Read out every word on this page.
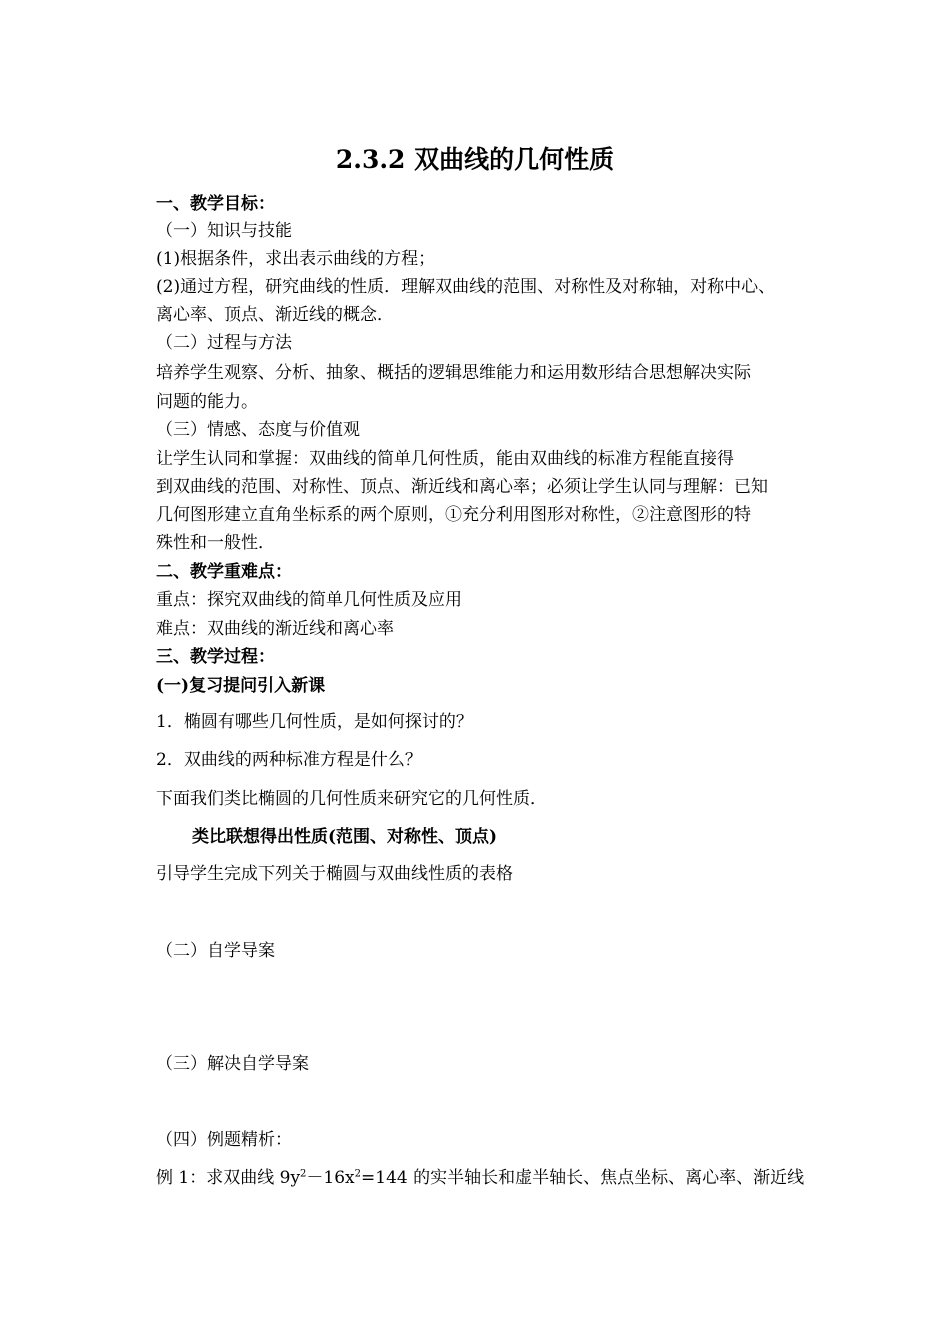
2.3.2 双曲线的几何性质
一、教学目标：
（一）知识与技能
(1)根据条件，求出表示曲线的方程；
(2)通过方程，研究曲线的性质．理解双曲线的范围、对称性及对称轴，对称中心、
离心率、顶点、渐近线的概念．
（二）过程与方法
培养学生观察、分析、抽象、概括的逻辑思维能力和运用数形结合思想解决实际
问题的能力。
（三）情感、态度与价值观
让学生认同和掌握：双曲线的简单几何性质，能由双曲线的标准方程能直接得
到双曲线的范围、对称性、顶点、渐近线和离心率；必须让学生认同与理解：已知
几何图形建立直角坐标系的两个原则，①充分利用图形对称性，②注意图形的特
殊性和一般性．
二、教学重难点：
重点：探究双曲线的简单几何性质及应用
难点：双曲线的渐近线和离心率
三、教学过程：
(一)复习提问引入新课
1．椭圆有哪些几何性质，是如何探讨的？
2．双曲线的两种标准方程是什么？
下面我们类比椭圆的几何性质来研究它的几何性质．
类比联想得出性质(范围、对称性、顶点)
引导学生完成下列关于椭圆与双曲线性质的表格
（二）自学导案
（三）解决自学导案
（四）例题精析：
例 1：求双曲线 $9y^2-16x^2=144$ 的实半轴长和虚半轴长、焦点坐标、离心率、渐近线
